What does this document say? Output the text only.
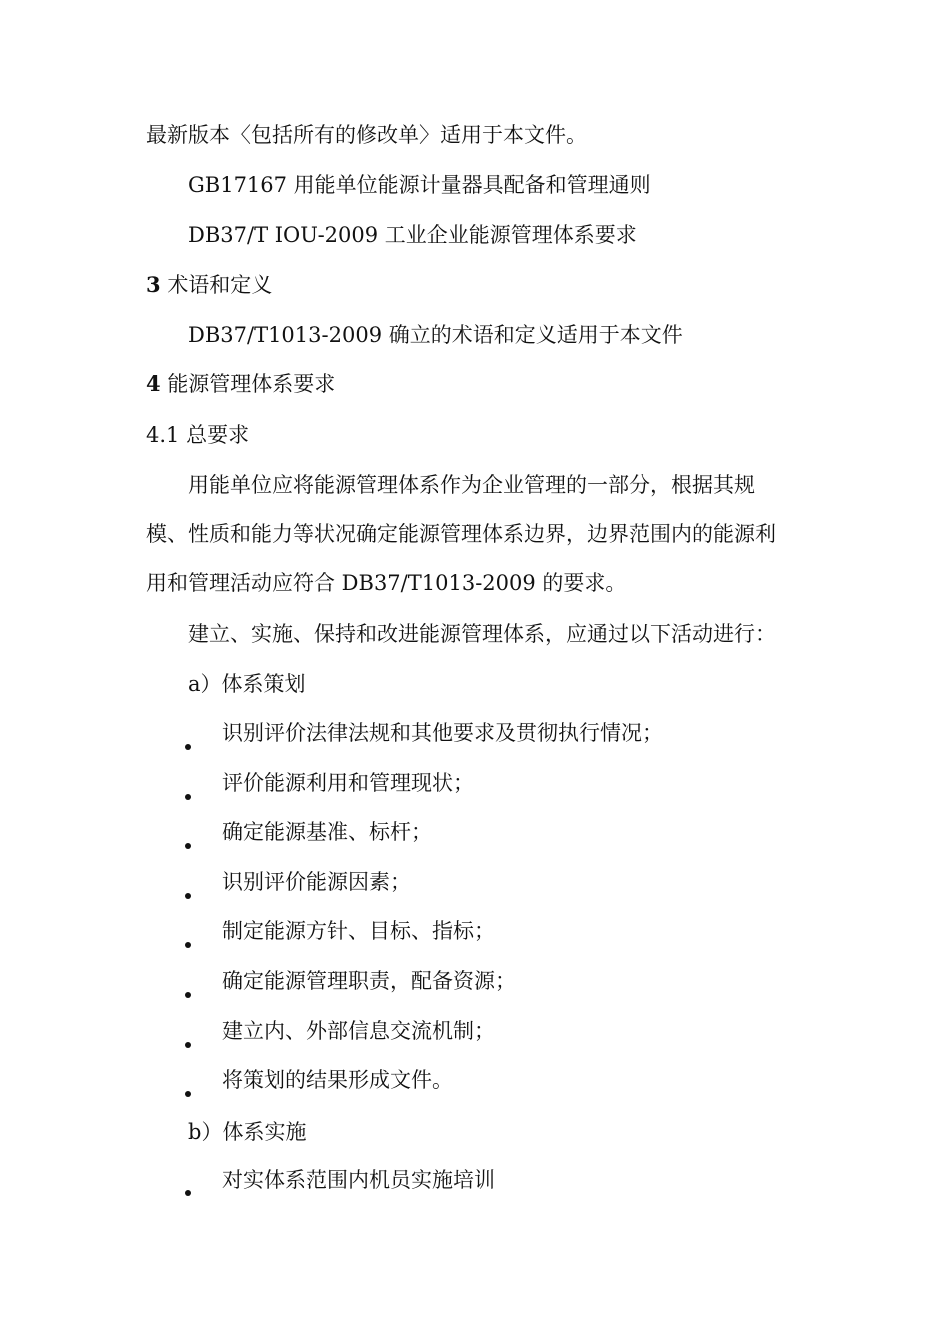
最新版本〈包括所有的修改单〉适用于本文件。
GB17167 用能单位能源计量器具配备和管理通则
DB37/T IOU-2009 工业企业能源管理体系要求
3 术语和定义
DB37/T1013-2009 确立的术语和定义适用于本文件
4 能源管理体系要求
4.1 总要求
用能单位应将能源管理体系作为企业管理的一部分，根据其规
模、性质和能力等状况确定能源管理体系边界，边界范围内的能源利
用和管理活动应符合 DB37/T1013-2009 的要求。
建立、实施、保持和改进能源管理体系，应通过以下活动进行：
a）体系策划
识别评价法律法规和其他要求及贯彻执行情况；
评价能源利用和管理现状；
确定能源基准、标杆；
识别评价能源因素；
制定能源方针、目标、指标；
确定能源管理职责，配备资源；
建立内、外部信息交流机制；
将策划的结果形成文件。
b）体系实施
对实体系范围内机员实施培训
